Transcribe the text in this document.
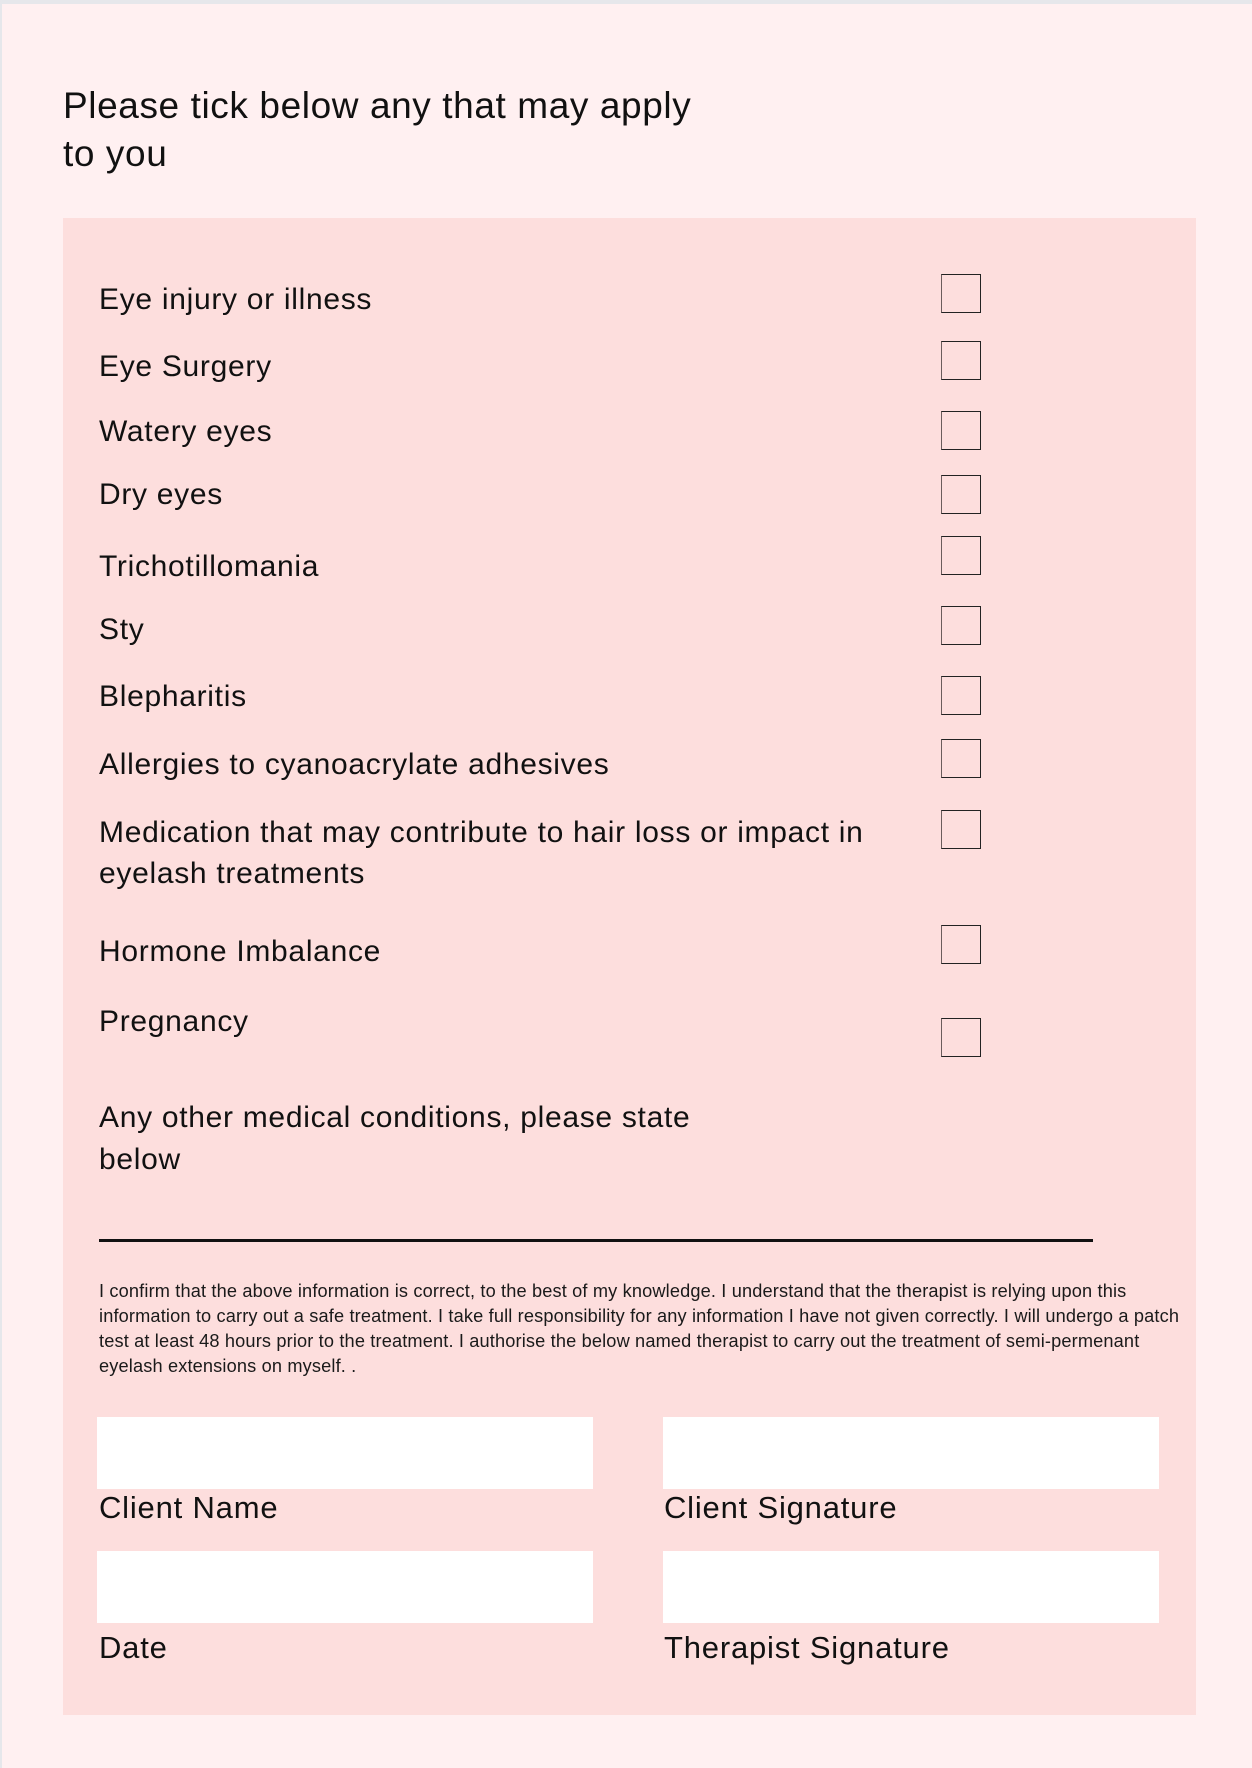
Please tick below any that may apply to you
Eye injury or illness
Eye Surgery
Watery eyes
Dry eyes
Trichotillomania
Sty
Blepharitis
Allergies to cyanoacrylate adhesives
Medication that may contribute to hair loss or impact in eyelash treatments
Hormone Imbalance
Pregnancy
Any other medical conditions, please state below

I confirm that the above information is correct, to the best of my knowledge. I understand that the therapist is relying upon this information to carry out a safe treatment. I take full responsibility for any information I have not given correctly. I will undergo a patch test at least 48 hours prior to the treatment. I authorise the below named therapist to carry out the treatment of semi-permenant eyelash extensions on myself. .

Client Name	Client Signature
Date	Therapist Signature
